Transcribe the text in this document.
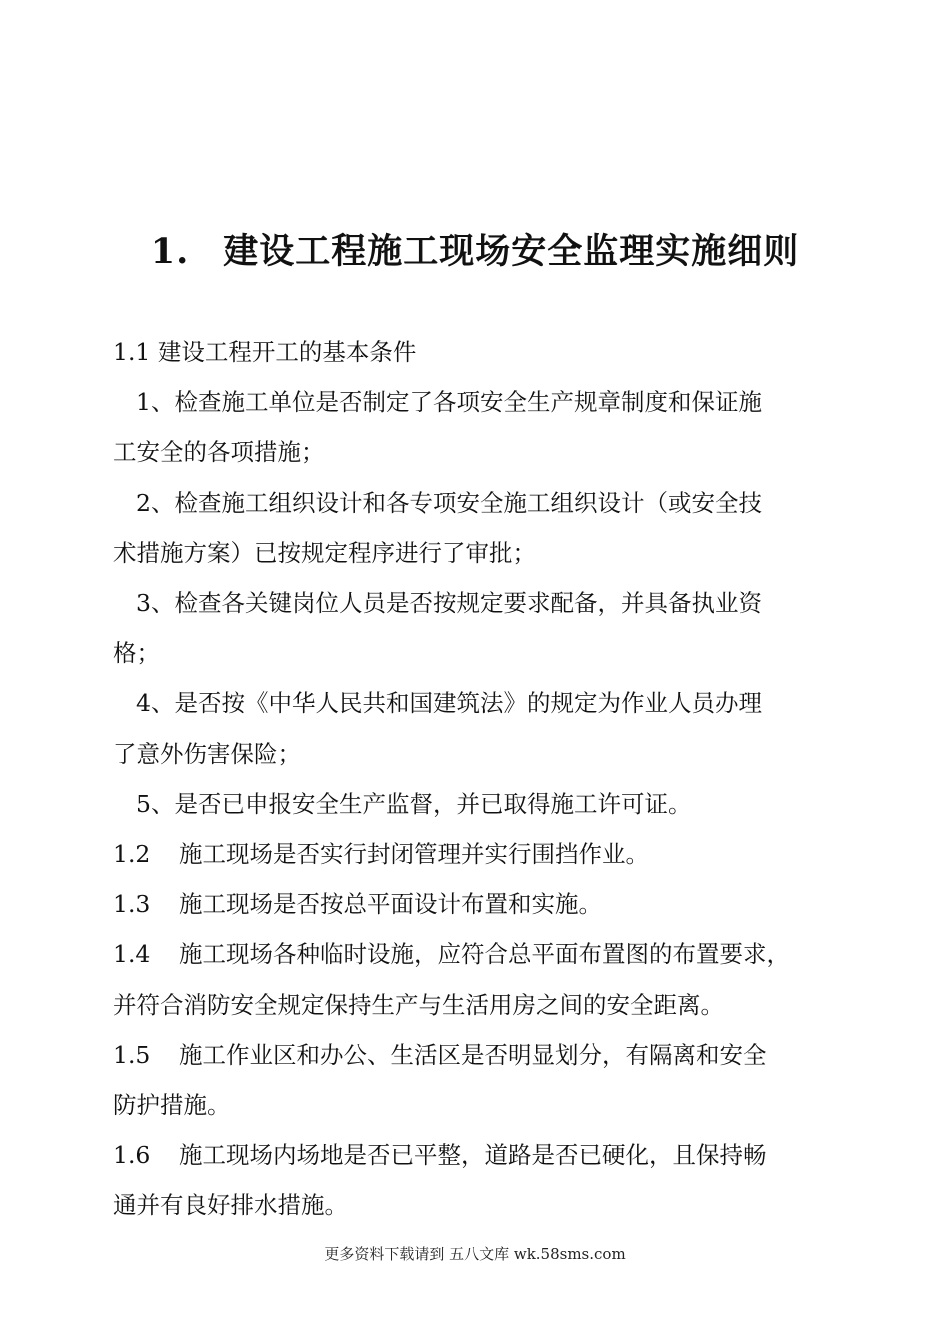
1. 建设工程施工现场安全监理实施细则

1.1 建设工程开工的基本条件

1、检查施工单位是否制定了各项安全生产规章制度和保证施

工安全的各项措施；

2、检查施工组织设计和各专项安全施工组织设计（或安全技

术措施方案）已按规定程序进行了审批；

3、检查各关键岗位人员是否按规定要求配备，并具备执业资

格；

4、是否按《中华人民共和国建筑法》的规定为作业人员办理

了意外伤害保险；

5、是否已申报安全生产监督，并已取得施工许可证。

1.2 施工现场是否实行封闭管理并实行围挡作业。

1.3 施工现场是否按总平面设计布置和实施。

1.4 施工现场各种临时设施，应符合总平面布置图的布置要求，

并符合消防安全规定保持生产与生活用房之间的安全距离。

1.5 施工作业区和办公、生活区是否明显划分，有隔离和安全

防护措施。

1.6 施工现场内场地是否已平整，道路是否已硬化，且保持畅

通并有良好排水措施。

更多资料下载请到 五八文库 wk.58sms.com
